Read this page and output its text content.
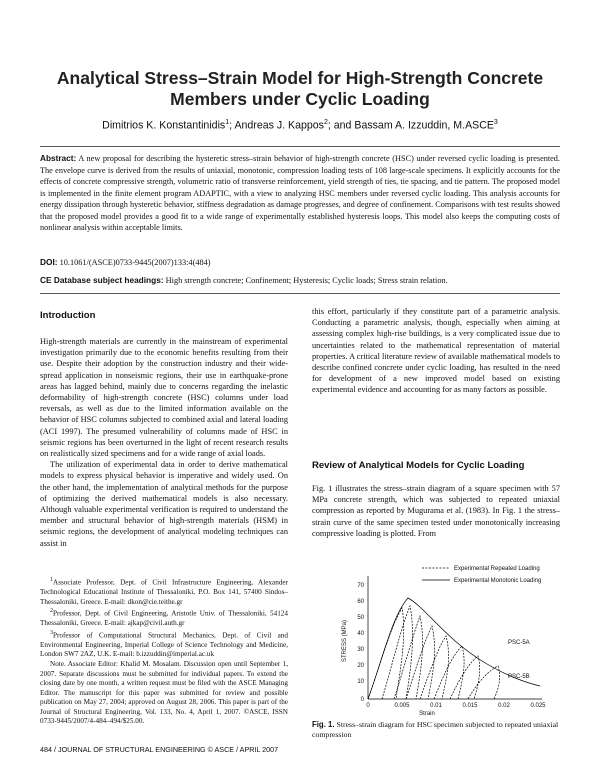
Analytical Stress–Strain Model for High-Strength Concrete
Members under Cyclic Loading
Dimitrios K. Konstantinidis$^1$; Andreas J. Kappos$^2$; and Bassam A. Izzuddin, M.ASCE$^3$
Abstract: A new proposal for describing the hysteretic stress–strain behavior of high-strength concrete (HSC) under reversed cyclic loading is presented. The envelope curve is derived from the results of uniaxial, monotonic, compression loading tests of 108 large-scale specimens. It explicitly accounts for the effects of concrete compressive strength, volumetric ratio of transverse reinforcement, yield strength of ties, tie spacing, and tie pattern. The proposed model is implemented in the finite element program ADAPTIC, with a view to analyzing HSC members under reversed cyclic loading. This analysis accounts for energy dissipation through hysteretic behavior, stiffness degradation as damage progresses, and degree of confinement. Comparisons with test results showed that the proposed model provides a good fit to a wide range of experimentally established hysteresis loops. This model also keeps the computing costs of nonlinear analysis within acceptable limits.
DOI: 10.1061/(ASCE)0733-9445(2007)133:4(484)
CE Database subject headings: High strength concrete; Confinement; Hysteresis; Cyclic loads; Stress strain relation.
Introduction

High-strength materials are currently in the mainstream of experimental investigation primarily due to the economic benefits resulting from their use. Despite their adoption by the construction industry and their wide-spread application in nonseismic regions, their use in earthquake-prone areas has lagged behind, mainly due to concerns regarding the inelastic deformability of high-strength concrete (HSC) columns under load reversals, as well as due to the limited information available on the behavior of HSC columns subjected to combined axial and lateral loading (ACI 1997). The presumed vulnerability of columns made of HSC in seismic regions has been overturned in the light of recent research results on realistically sized specimens and for a wide range of axial loads.

The utilization of experimental data in order to derive mathematical models to express physical behavior is imperative and widely used. On the other hand, the implementation of analytical methods for the purpose of optimizing the derived mathematical models is also necessary. Although valuable experimental verification is required to understand the member and structural behavior of high-strength materials (HSM) in seismic regions, the development of analytical modeling techniques can assist in

$^1$Associate Professor, Dept. of Civil Infrastructure Engineering, Alexander Technological Educational Institute of Thessaloniki, P.O. Box 141, 57400 Sindos–Thessaloniki, Greece. E-mail: dkon@cie.teithe.gr

$^2$Professor, Dept. of Civil Engineering, Aristotle Univ. of Thessaloniki, 54124 Thessaloniki, Greece. E-mail: ajkap@civil.auth.gr

$^3$Professor of Computational Structural Mechanics, Dept. of Civil and Environmental Engineering, Imperial College of Science Technology and Medicine, London SW7 2AZ, U.K. E-mail: b.izzuddin@imperial.ac.uk

Note. Associate Editor: Khalid M. Mosalam. Discussion open until September 1, 2007. Separate discussions must be submitted for individual papers. To extend the closing date by one month, a written request must be filed with the ASCE Managing Editor. The manuscript for this paper was submitted for review and possible publication on May 27, 2004; approved on August 28, 2006. This paper is part of the Journal of Structural Engineering, Vol. 133, No. 4, April 1, 2007. ©ASCE, ISSN 0733-9445/2007/4-484–494/$25.00.

484 / JOURNAL OF STRUCTURAL ENGINEERING © ASCE / APRIL 2007
this effort, particularly if they constitute part of a parametric analysis. Conducting a parametric analysis, though, especially when aiming at assessing complex high-rise buildings, is a very complicated issue due to uncertainties related to the mathematical representation of material properties. A critical literature review of available mathematical models to describe confined concrete under cyclic loading, has resulted in the need for development of a new improved model based on existing experimental evidence and accounting for as many factors as possible.
Review of Analytical Models for Cyclic Loading
Fig. 1 illustrates the stress–strain diagram of a square specimen with 57 MPa concrete strength, which was subjected to repeated uniaxial compression as reported by Mugurama et al. (1983). In Fig. 1 the stress–strain curve of the same specimen tested under monotonically increasing compressive loading is plotted. From
Experimental Repeated Loading
Experimental Monotonic Loading
70
60
50
40
30
20
10
0
0	0.005	0.01	0.015	0.02	0.025
Strain
STRESS (MPa)	PSC-5A
PSC-5B
Fig. 1. Stress–strain diagram for HSC specimen subjected to repeated uniaxial compression
